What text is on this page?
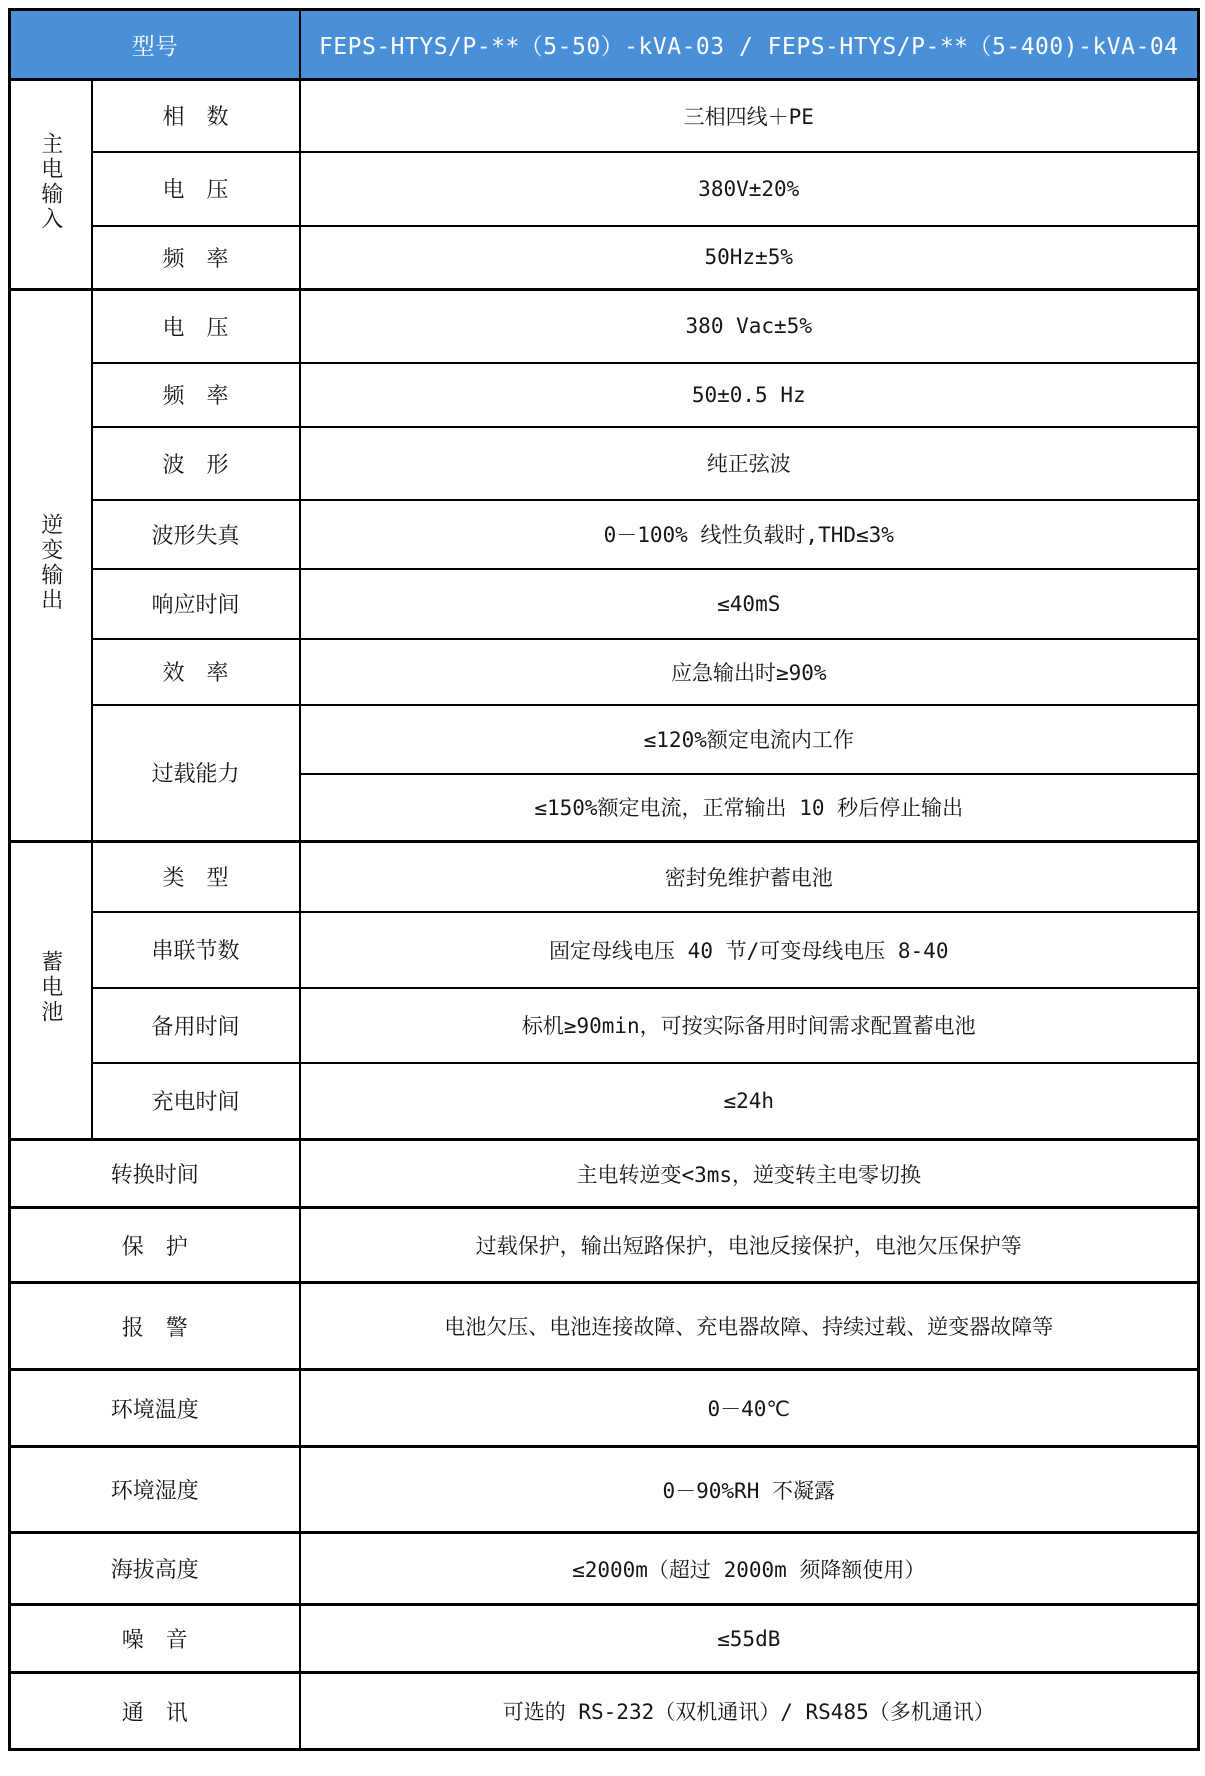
型号		FEPS-HTYS/P-**（5-50）-kVA-03 / FEPS-HTYS/P-**（5-400)-kVA-04
主电输入	相　数	三相四线＋PE
	电　压	380V±20%
	频　率	50Hz±5%
逆变输出	电　压	380 Vac±5%
	频　率	50±0.5 Hz
	波　形	纯正弦波
	波形失真	0－100% 线性负载时,THD≤3%
	响应时间	≤40mS
	效　率	应急输出时≥90%
	过载能力	≤120%额定电流内工作
		≤150%额定电流，正常输出 10 秒后停止输出
蓄电池	类　型	密封免维护蓄电池
	串联节数	固定母线电压 40 节/可变母线电压 8-40
	备用时间	标机≥90min，可按实际备用时间需求配置蓄电池
	充电时间	≤24h
转换时间		主电转逆变<3ms，逆变转主电零切换
保　护		过载保护，输出短路保护，电池反接保护，电池欠压保护等
报　警		电池欠压、电池连接故障、充电器故障、持续过载、逆变器故障等
环境温度		0－40℃
环境湿度		0－90%RH 不凝露
海拔高度		≤2000m（超过 2000m 须降额使用）
噪　音		≤55dB
通　讯		可选的 RS-232（双机通讯）/ RS485（多机通讯）
